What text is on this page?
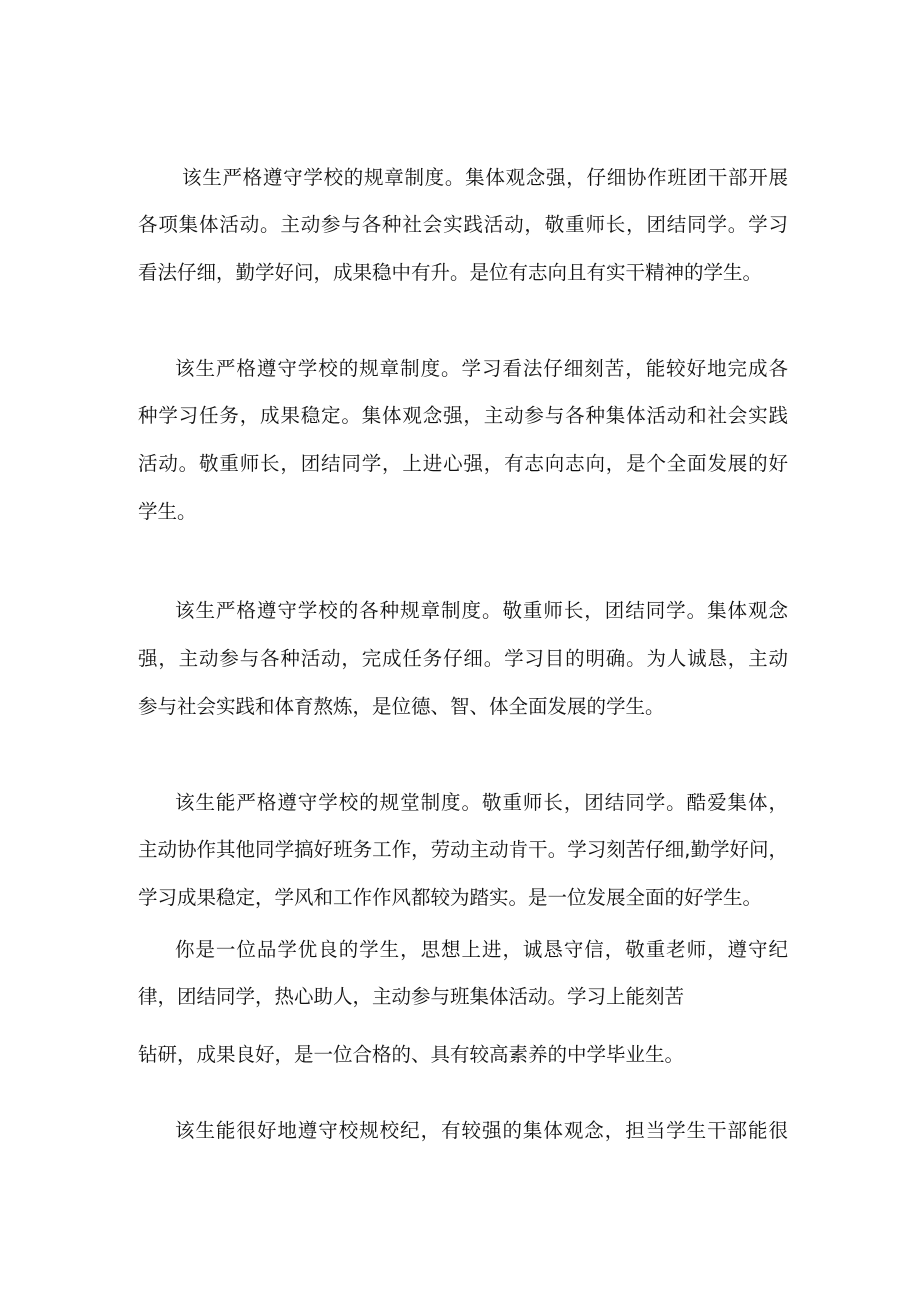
该生严格遵守学校的规章制度。集体观念强，仔细协作班团干部开展
各项集体活动。主动参与各种社会实践活动，敬重师长，团结同学。学习
看法仔细，勤学好问，成果稳中有升。是位有志向且有实干精神的学生。
该生严格遵守学校的规章制度。学习看法仔细刻苦，能较好地完成各
种学习任务，成果稳定。集体观念强，主动参与各种集体活动和社会实践
活动。敬重师长，团结同学，上进心强，有志向志向，是个全面发展的好
学生。
该生严格遵守学校的各种规章制度。敬重师长，团结同学。集体观念
强，主动参与各种活动，完成任务仔细。学习目的明确。为人诚恳，主动
参与社会实践和体育熬炼，是位德、智、体全面发展的学生。
该生能严格遵守学校的规堂制度。敬重师长，团结同学。酷爱集体，
主动协作其他同学搞好班务工作，劳动主动肯干。学习刻苦仔细,勤学好问，
学习成果稳定，学风和工作作风都较为踏实。是一位发展全面的好学生。
你是一位品学优良的学生，思想上进，诚恳守信，敬重老师，遵守纪
律，团结同学，热心助人，主动参与班集体活动。学习上能刻苦
钻研，成果良好，是一位合格的、具有较高素养的中学毕业生。
该生能很好地遵守校规校纪，有较强的集体观念，担当学生干部能很
